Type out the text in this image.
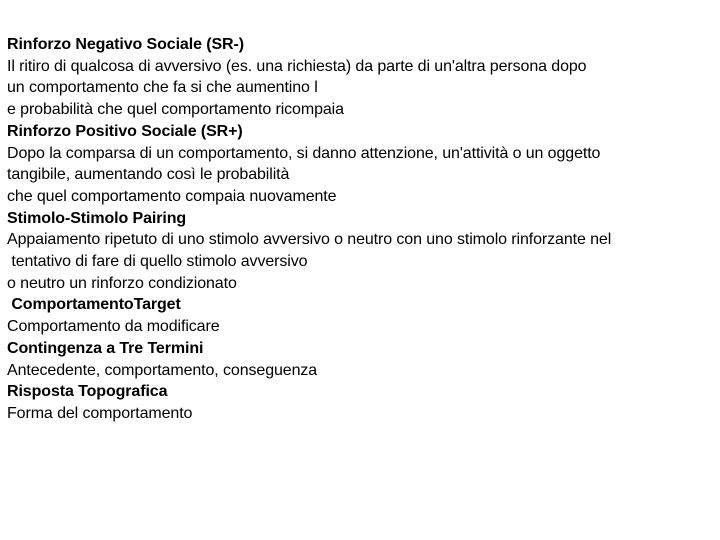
Rinforzo Negativo Sociale (SR-)
Il ritiro di qualcosa di avversivo (es. una richiesta) da parte di un'altra persona dopo
un comportamento che fa si che aumentino l
e probabilità che quel comportamento ricompaia
Rinforzo Positivo Sociale (SR+)
Dopo la comparsa di un comportamento, si danno attenzione, un'attività o un oggetto
tangibile, aumentando così le probabilità
che quel comportamento compaia nuovamente
Stimolo-Stimolo Pairing
Appaiamento ripetuto di uno stimolo avversivo o neutro con uno stimolo rinforzante nel
tentativo di fare di quello stimolo avversivo
o neutro un rinforzo condizionato
ComportamentoTarget
Comportamento da modificare
Contingenza a Tre Termini
Antecedente, comportamento, conseguenza
Risposta Topografica
Forma del comportamento
